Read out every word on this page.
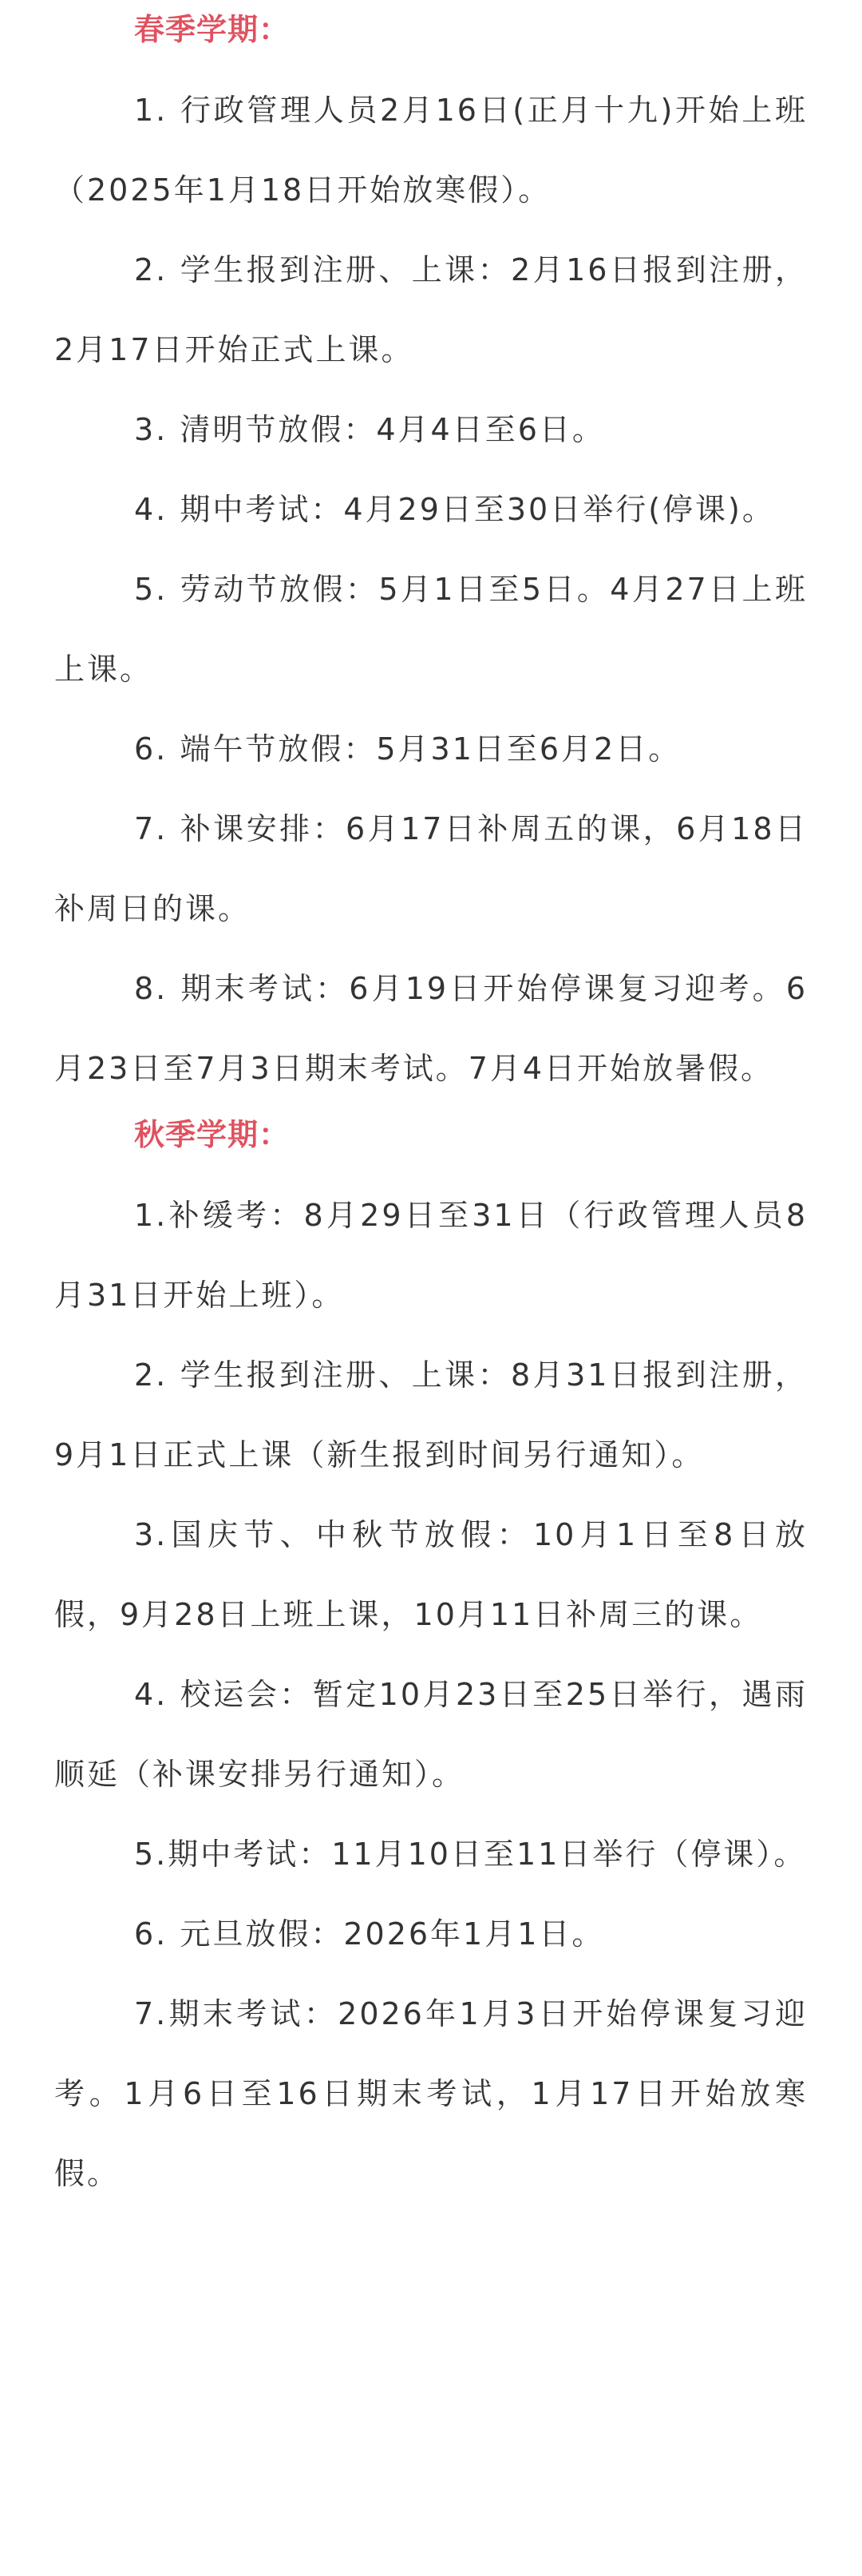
春季学期：

1. 行政管理人员2月16日(正月十九)开始上班（2025年1月18日开始放寒假）。

2. 学生报到注册、上课：2月16日报到注册，2月17日开始正式上课。

3. 清明节放假：4月4日至6日。

4. 期中考试：4月29日至30日举行(停课)。

5. 劳动节放假：5月1日至5日。4月27日上班上课。

6. 端午节放假：5月31日至6月2日。

7. 补课安排：6月17日补周五的课，6月18日补周日的课。

8. 期末考试：6月19日开始停课复习迎考。6月23日至7月3日期末考试。7月4日开始放暑假。

秋季学期：

1.补缓考：8月29日至31日（行政管理人员8月31日开始上班）。

2. 学生报到注册、上课：8月31日报到注册，9月1日正式上课（新生报到时间另行通知）。

3.国庆节、中秋节放假：10月1日至8日放假，9月28日上班上课，10月11日补周三的课。

4. 校运会：暂定10月23日至25日举行，遇雨顺延（补课安排另行通知）。

5.期中考试：11月10日至11日举行（停课）。

6. 元旦放假：2026年1月1日。

7.期末考试：2026年1月3日开始停课复习迎考。1月6日至16日期末考试，1月17日开始放寒假。
